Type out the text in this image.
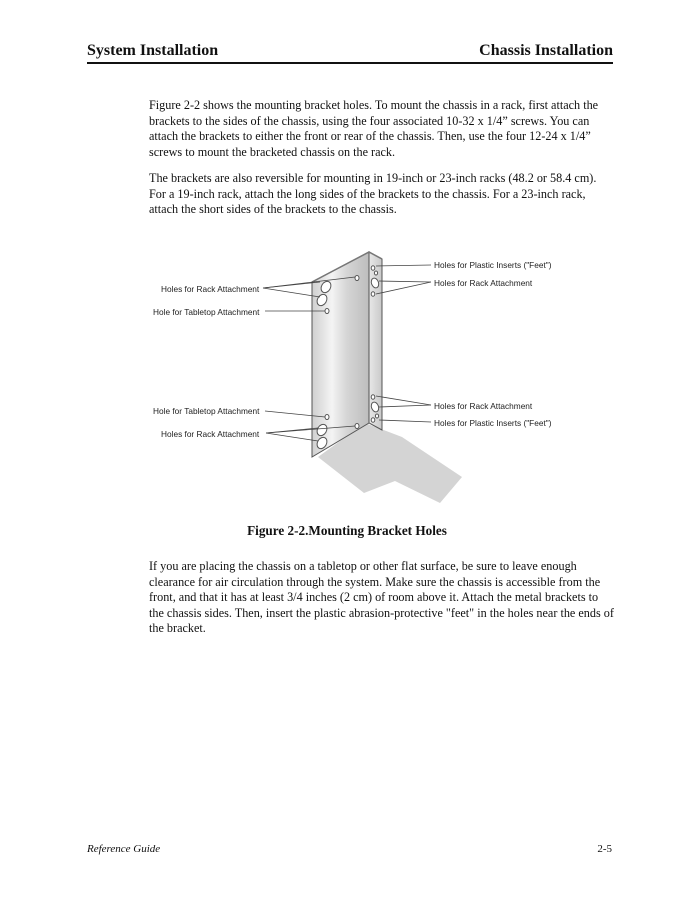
System Installation	Chassis Installation

Figure 2-2 shows the mounting bracket holes. To mount the chassis in a rack, first attach the brackets to the sides of the chassis, using the four associated 10-32 x 1/4” screws. You can attach the brackets to either the front or rear of the chassis. Then, use the four 12-24 x 1/4” screws to mount the bracketed chassis on the rack.

The brackets are also reversible for mounting in 19-inch or 23-inch racks (48.2 or 58.4 cm). For a 19-inch rack, attach the long sides of the brackets to the chassis. For a 23-inch rack, attach the short sides of the brackets to the chassis.

Holes for Rack Attachment
Hole for Tabletop Attachment
Hole for Tabletop Attachment
Holes for Rack Attachment
Holes for Plastic Inserts ("Feet")
Holes for Rack Attachment
Holes for Rack Attachment
Holes for Plastic Inserts ("Feet")
Figure 2-2.Mounting Bracket Holes

If you are placing the chassis on a tabletop or other flat surface, be sure to leave enough clearance for air circulation through the system. Make sure the chassis is accessible from the front, and that it has at least 3/4 inches (2 cm) of room above it. Attach the metal brackets to the chassis sides. Then, insert the plastic abrasion-protective "feet" in the holes near the ends of the bracket.

Reference Guide	2-5
